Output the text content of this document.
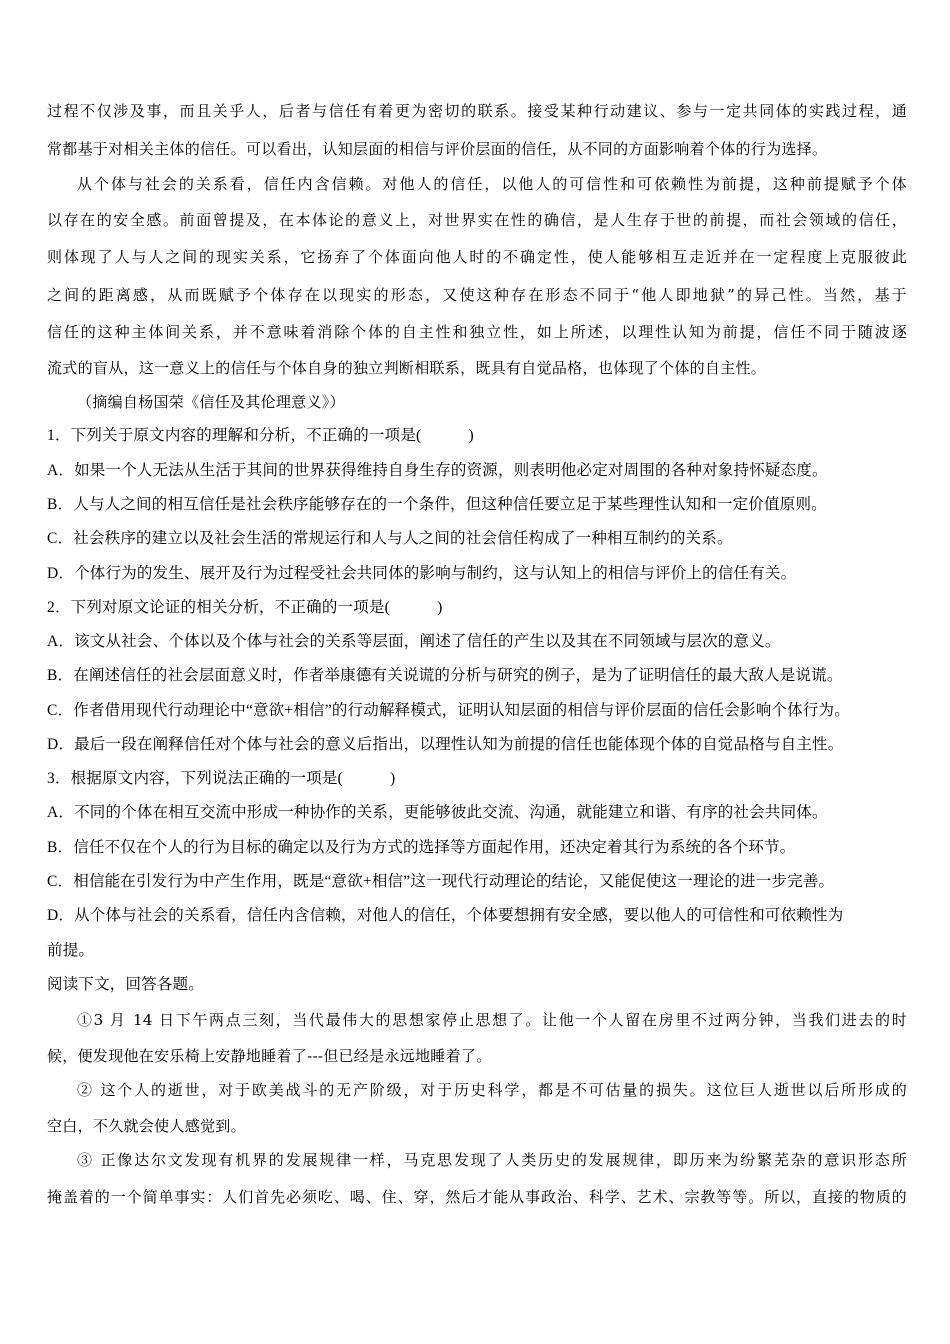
过程不仅涉及事，而且关乎人，后者与信任有着更为密切的联系。接受某种行动建议、参与一定共同体的实践过程，通
常都基于对相关主体的信任。可以看出，认知层面的相信与评价层面的信任，从不同的方面影响着个体的行为选择。
从个体与社会的关系看，信任内含信赖。对他人的信任，以他人的可信性和可依赖性为前提，这种前提赋予个体
以存在的安全感。前面曾提及，在本体论的意义上，对世界实在性的确信，是人生存于世的前提，而社会领域的信任，
则体现了人与人之间的现实关系，它扬弃了个体面向他人时的不确定性，使人能够相互走近并在一定程度上克服彼此
之间的距离感，从而既赋予个体存在以现实的形态，又使这种存在形态不同于“他人即地狱”的异己性。当然，基于
信任的这种主体间关系，并不意味着消除个体的自主性和独立性，如上所述，以理性认知为前提，信任不同于随波逐
流式的盲从，这一意义上的信任与个体自身的独立判断相联系，既具有自觉品格，也体现了个体的自主性。
（摘编自杨国荣《信任及其伦理意义》）
1．下列关于原文内容的理解和分析，不正确的一项是(　　　)
A．如果一个人无法从生活于其间的世界获得维持自身生存的资源，则表明他必定对周围的各种对象持怀疑态度。
B．人与人之间的相互信任是社会秩序能够存在的一个条件，但这种信任要立足于某些理性认知和一定价值原则。
C．社会秩序的建立以及社会生活的常规运行和人与人之间的社会信任构成了一种相互制约的关系。
D．个体行为的发生、展开及行为过程受社会共同体的影响与制约，这与认知上的相信与评价上的信任有关。
2．下列对原文论证的相关分析，不正确的一项是(　　　)
A．该文从社会、个体以及个体与社会的关系等层面，阐述了信任的产生以及其在不同领域与层次的意义。
B．在阐述信任的社会层面意义时，作者举康德有关说谎的分析与研究的例子，是为了证明信任的最大敌人是说谎。
C．作者借用现代行动理论中“意欲+相信”的行动解释模式，证明认知层面的相信与评价层面的信任会影响个体行为。
D．最后一段在阐释信任对个体与社会的意义后指出，以理性认知为前提的信任也能体现个体的自觉品格与自主性。
3．根据原文内容，下列说法正确的一项是(　　　)
A．不同的个体在相互交流中形成一种协作的关系，更能够彼此交流、沟通，就能建立和谐、有序的社会共同体。
B．信任不仅在个人的行为目标的确定以及行为方式的选择等方面起作用，还决定着其行为系统的各个环节。
C．相信能在引发行为中产生作用，既是“意欲+相信”这一现代行动理论的结论，又能促使这一理论的进一步完善。
D．从个体与社会的关系看，信任内含信赖，对他人的信任，个体要想拥有安全感，要以他人的可信性和可依赖性为
前提。
阅读下文，回答各题。
①3 月 14 日下午两点三刻，当代最伟大的思想家停止思想了。让他一个人留在房里不过两分钟，当我们进去的时
候，便发现他在安乐椅上安静地睡着了---但已经是永远地睡着了。
② 这个人的逝世，对于欧美战斗的无产阶级，对于历史科学，都是不可估量的损失。这位巨人逝世以后所形成的
空白，不久就会使人感觉到。
③ 正像达尔文发现有机界的发展规律一样，马克思发现了人类历史的发展规律，即历来为纷繁芜杂的意识形态所
掩盖着的一个简单事实：人们首先必须吃、喝、住、穿，然后才能从事政治、科学、艺术、宗教等等。所以，直接的物质的
